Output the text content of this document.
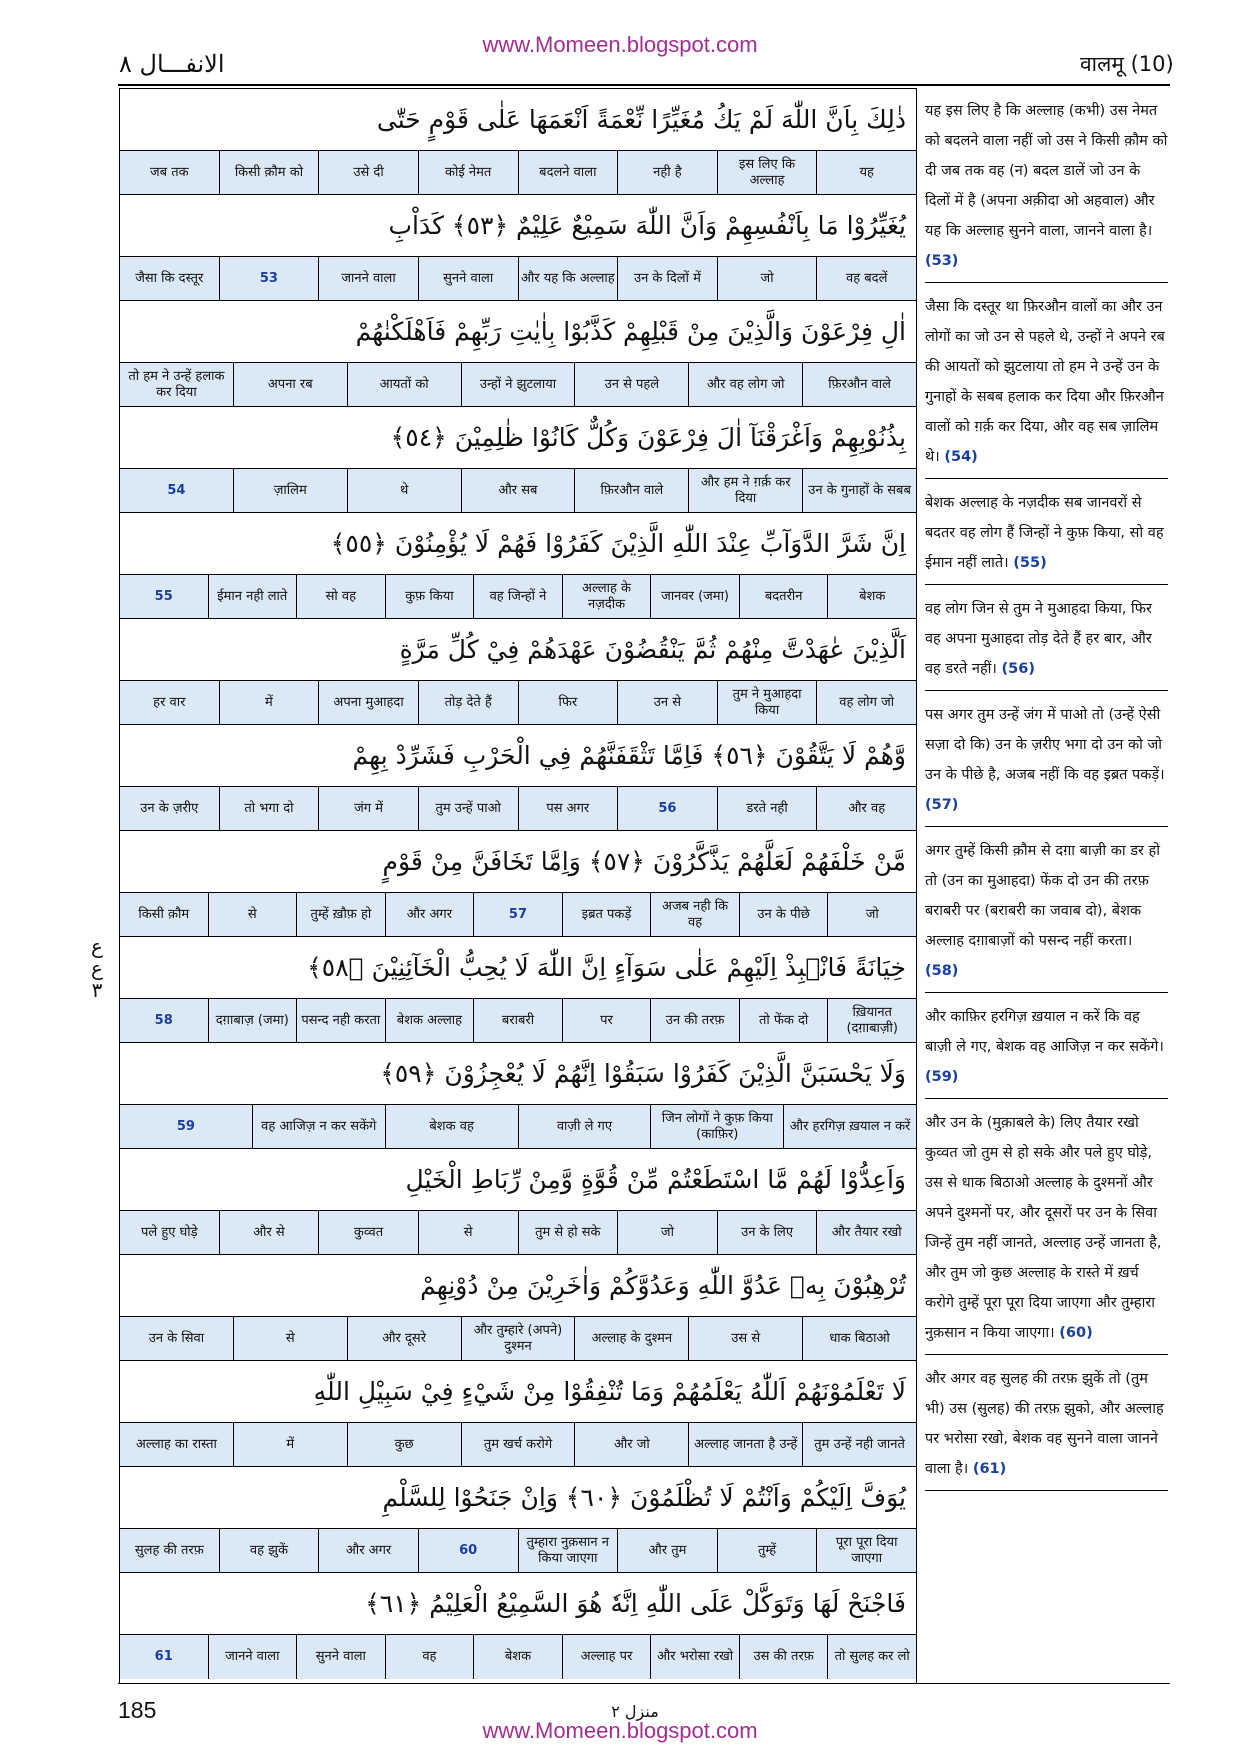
www.Momeen.blogspot.com
الانفـــال ٨	वालमू (10)
ذٰلِكَ بِاَنَّ اللّٰهَ لَمْ يَكُ مُغَيِّرًا نِّعْمَةً اَنْعَمَهَا عَلٰى قَوْمٍ حَتّٰى
यह
इस लिए कि अल्लाह
नही है
बदलने वाला
कोई नेमत
उसे दी
किसी क़ौम को
जब तक
يُغَيِّرُوْا مَا بِاَنْفُسِهِمْ وَاَنَّ اللّٰهَ سَمِيْعٌ عَلِيْمٌ ﴿٥٣﴾ كَدَاْبِ
वह बदलें
जो
उन के दिलों में
और यह कि अल्लाह
सुनने वाला
जानने वाला
53
जैसा कि दस्तूर
اٰلِ فِرْعَوْنَ وَالَّذِيْنَ مِنْ قَبْلِهِمْ كَذَّبُوْا بِاٰيٰتِ رَبِّهِمْ فَاَهْلَكْنٰهُمْ
फ़िरऔन वाले
और वह लोग जो
उन से पहले
उन्हों ने झुटलाया
आयतों को
अपना रब
तो हम ने उन्हें हलाक कर दिया
بِذُنُوْبِهِمْ وَاَغْرَقْنَآ اٰلَ فِرْعَوْنَ وَكُلٌّ كَانُوْا ظٰلِمِيْنَ ﴿٥٤﴾
उन के गुनाहों के सबब
और हम ने ग़र्क़ कर दिया
फ़िरऔन वाले
और सब
थे
ज़ालिम
54
اِنَّ شَرَّ الدَّوَآبِّ عِنْدَ اللّٰهِ الَّذِيْنَ كَفَرُوْا فَهُمْ لَا يُؤْمِنُوْنَ ﴿٥٥﴾
बेशक
बदतरीन
जानवर (जमा)
अल्लाह के नज़दीक
वह जिन्हों ने
कुफ़ किया
सो वह
ईमान नही लाते
55
اَلَّذِيْنَ عٰهَدْتَّ مِنْهُمْ ثُمَّ يَنْقُضُوْنَ عَهْدَهُمْ فِيْ كُلِّ مَرَّةٍ
वह लोग जो
तुम ने मुआहदा किया
उन से
फिर
तोड़ देते हैं
अपना मुआहदा
में
हर वार
وَّهُمْ لَا يَتَّقُوْنَ ﴿٥٦﴾ فَاِمَّا تَثْقَفَنَّهُمْ فِي الْحَرْبِ فَشَرِّدْ بِهِمْ
और वह
डरते नही
56
पस अगर
तुम उन्हें पाओ
जंग में
तो भगा दो
उन के ज़रीए
مَّنْ خَلْفَهُمْ لَعَلَّهُمْ يَذَّكَّرُوْنَ ﴿٥٧﴾ وَاِمَّا تَخَافَنَّ مِنْ قَوْمٍ
जो
उन के पीछे
अजब नही कि वह
इब्रत पकड़ें
57
और अगर
तुम्हें ख़ौफ़ हो
से
किसी क़ौम
خِيَانَةً فَانْۢبِذْ اِلَيْهِمْ عَلٰى سَوَآءٍ اِنَّ اللّٰهَ لَا يُحِبُّ الْخَآئِنِيْنَ ﴿٥٨﴾
ख़ियानत (दग़ाबाज़ी)
तो फेंक दो
उन की तरफ़
पर
बराबरी
बेशक अल्लाह
पसन्द नही करता
दग़ाबाज़ (जमा)
58
وَلَا يَحْسَبَنَّ الَّذِيْنَ كَفَرُوْا سَبَقُوْا اِنَّهُمْ لَا يُعْجِزُوْنَ ﴿٥٩﴾
और हरगिज़ ख़याल न करें
जिन लोगों ने कुफ़ किया (काफ़िर)
वाज़ी ले गए
बेशक वह
वह आजिज़ न कर सकेंगे
59
وَاَعِدُّوْا لَهُمْ مَّا اسْتَطَعْتُمْ مِّنْ قُوَّةٍ وَّمِنْ رِّبَاطِ الْخَيْلِ
और तैयार रखो
उन के लिए
जो
तुम से हो सके
से
कुव्वत
और से
पले हुए घोड़े
تُرْهِبُوْنَ بِهٖ عَدُوَّ اللّٰهِ وَعَدُوَّكُمْ وَاٰخَرِيْنَ مِنْ دُوْنِهِمْ
धाक बिठाओ
उस से
अल्लाह के दुश्मन
और तुम्हारे (अपने) दुश्मन
और दूसरे
से
उन के सिवा
لَا تَعْلَمُوْنَهُمْ اَللّٰهُ يَعْلَمُهُمْ وَمَا تُنْفِقُوْا مِنْ شَيْءٍ فِيْ سَبِيْلِ اللّٰهِ
तुम उन्हें नही जानते
अल्लाह जानता है उन्हें
और जो
तुम खर्च करोगे
कुछ
में
अल्लाह का रास्ता
يُوَفَّ اِلَيْكُمْ وَاَنْتُمْ لَا تُظْلَمُوْنَ ﴿٦٠﴾ وَاِنْ جَنَحُوْا لِلسَّلْمِ
पूरा पूरा दिया जाएगा
तुम्हें
और तुम
तुम्हारा नुक़सान न किया जाएगा
60
और अगर
वह झुकें
सुलह की तरफ़
فَاجْنَحْ لَهَا وَتَوَكَّلْ عَلَى اللّٰهِ اِنَّهٗ هُوَ السَّمِيْعُ الْعَلِيْمُ ﴿٦١﴾
तो सुलह कर लो
उस की तरफ़
और भरोसा रखो
अल्लाह पर
बेशक
वह
सुनने वाला
जानने वाला
61
ع
ع
٣
यह इस लिए है कि अल्लाह (कभी) उस नेमत को बदलने वाला नहीं जो उस ने किसी क़ौम को दी जब तक वह (न) बदल डालें जो उन के दिलों में है (अपना अक़ीदा ओ अहवाल) और यह कि अल्लाह सुनने वाला, जानने वाला है। (53)
जैसा कि दस्तूर था फ़िरऔन वालों का और उन लोगों का जो उन से पहले थे, उन्हों ने अपने रब की आयतों को झुटलाया तो हम ने उन्हें उन के गुनाहों के सबब हलाक कर दिया और फ़िरऔन वालों को ग़र्क़ कर दिया, और वह सब ज़ालिम थे। (54)
बेशक अल्लाह के नज़दीक सब जानवरों से बदतर वह लोग हैं जिन्हों ने कुफ़ किया, सो वह ईमान नहीं लाते। (55)
वह लोग जिन से तुम ने मुआहदा किया, फिर वह अपना मुआहदा तोड़ देते हैं हर बार, और वह डरते नहीं। (56)
पस अगर तुम उन्हें जंग में पाओ तो (उन्हें ऐसी सज़ा दो कि) उन के ज़रीए भगा दो उन को जो उन के पीछे है, अजब नहीं कि वह इब्रत पकड़ें। (57)
अगर तुम्हें किसी क़ौम से दग़ा बाज़ी का डर हो तो (उन का मुआहदा) फेंक दो उन की तरफ़ बराबरी पर (बराबरी का जवाब दो), बेशक अल्लाह दग़ाबाज़ों को पसन्द नहीं करता। (58)
और काफ़िर हरगिज़ ख़याल न करें कि वह बाज़ी ले गए, बेशक वह आजिज़ न कर सकेंगे। (59)
और उन के (मुक़ाबले के) लिए तैयार रखो कुव्वत जो तुम से हो सके और पले हुए घोड़े, उस से धाक बिठाओ अल्लाह के दुश्मनों और अपने दुश्मनों पर, और दूसरों पर उन के सिवा जिन्हें तुम नहीं जानते, अल्लाह उन्हें जानता है, और तुम जो कुछ अल्लाह के रास्ते में ख़र्च करोगे तुम्हें पूरा पूरा दिया जाएगा और तुम्हारा नुक़सान न किया जाएगा। (60)
और अगर वह सुलह की तरफ़ झुकें तो (तुम भी) उस (सुलह) की तरफ़ झुको, और अल्लाह पर भरोसा रखो, बेशक वह सुनने वाला जानने वाला है। (61)
185	منزل ٢
www.Momeen.blogspot.com
